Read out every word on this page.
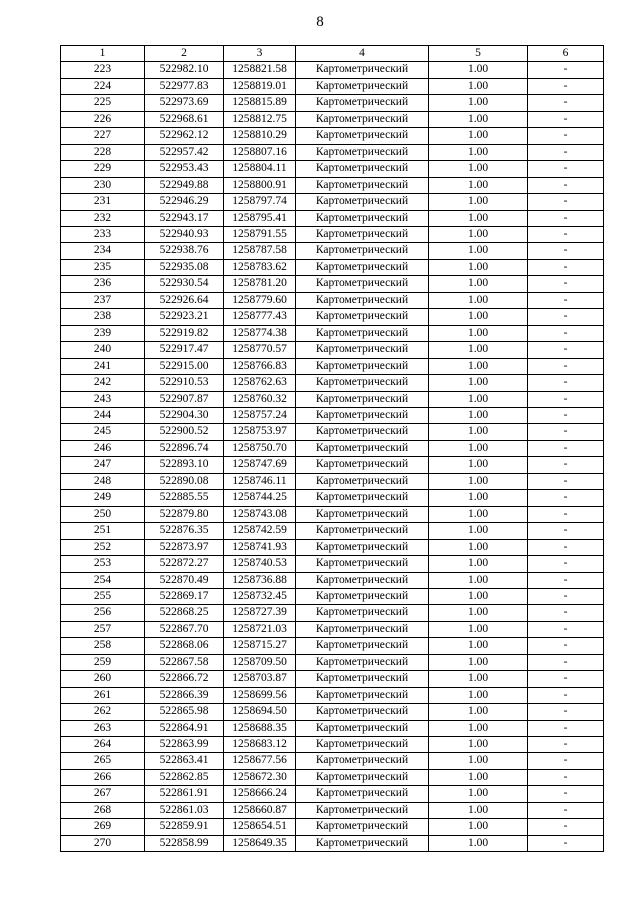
8
1	2	3	4	5	6
223	522982.10	1258821.58	Картометрический	1.00	-
224	522977.83	1258819.01	Картометрический	1.00	-
225	522973.69	1258815.89	Картометрический	1.00	-
226	522968.61	1258812.75	Картометрический	1.00	-
227	522962.12	1258810.29	Картометрический	1.00	-
228	522957.42	1258807.16	Картометрический	1.00	-
229	522953.43	1258804.11	Картометрический	1.00	-
230	522949.88	1258800.91	Картометрический	1.00	-
231	522946.29	1258797.74	Картометрический	1.00	-
232	522943.17	1258795.41	Картометрический	1.00	-
233	522940.93	1258791.55	Картометрический	1.00	-
234	522938.76	1258787.58	Картометрический	1.00	-
235	522935.08	1258783.62	Картометрический	1.00	-
236	522930.54	1258781.20	Картометрический	1.00	-
237	522926.64	1258779.60	Картометрический	1.00	-
238	522923.21	1258777.43	Картометрический	1.00	-
239	522919.82	1258774.38	Картометрический	1.00	-
240	522917.47	1258770.57	Картометрический	1.00	-
241	522915.00	1258766.83	Картометрический	1.00	-
242	522910.53	1258762.63	Картометрический	1.00	-
243	522907.87	1258760.32	Картометрический	1.00	-
244	522904.30	1258757.24	Картометрический	1.00	-
245	522900.52	1258753.97	Картометрический	1.00	-
246	522896.74	1258750.70	Картометрический	1.00	-
247	522893.10	1258747.69	Картометрический	1.00	-
248	522890.08	1258746.11	Картометрический	1.00	-
249	522885.55	1258744.25	Картометрический	1.00	-
250	522879.80	1258743.08	Картометрический	1.00	-
251	522876.35	1258742.59	Картометрический	1.00	-
252	522873.97	1258741.93	Картометрический	1.00	-
253	522872.27	1258740.53	Картометрический	1.00	-
254	522870.49	1258736.88	Картометрический	1.00	-
255	522869.17	1258732.45	Картометрический	1.00	-
256	522868.25	1258727.39	Картометрический	1.00	-
257	522867.70	1258721.03	Картометрический	1.00	-
258	522868.06	1258715.27	Картометрический	1.00	-
259	522867.58	1258709.50	Картометрический	1.00	-
260	522866.72	1258703.87	Картометрический	1.00	-
261	522866.39	1258699.56	Картометрический	1.00	-
262	522865.98	1258694.50	Картометрический	1.00	-
263	522864.91	1258688.35	Картометрический	1.00	-
264	522863.99	1258683.12	Картометрический	1.00	-
265	522863.41	1258677.56	Картометрический	1.00	-
266	522862.85	1258672.30	Картометрический	1.00	-
267	522861.91	1258666.24	Картометрический	1.00	-
268	522861.03	1258660.87	Картометрический	1.00	-
269	522859.91	1258654.51	Картометрический	1.00	-
270	522858.99	1258649.35	Картометрический	1.00	-
